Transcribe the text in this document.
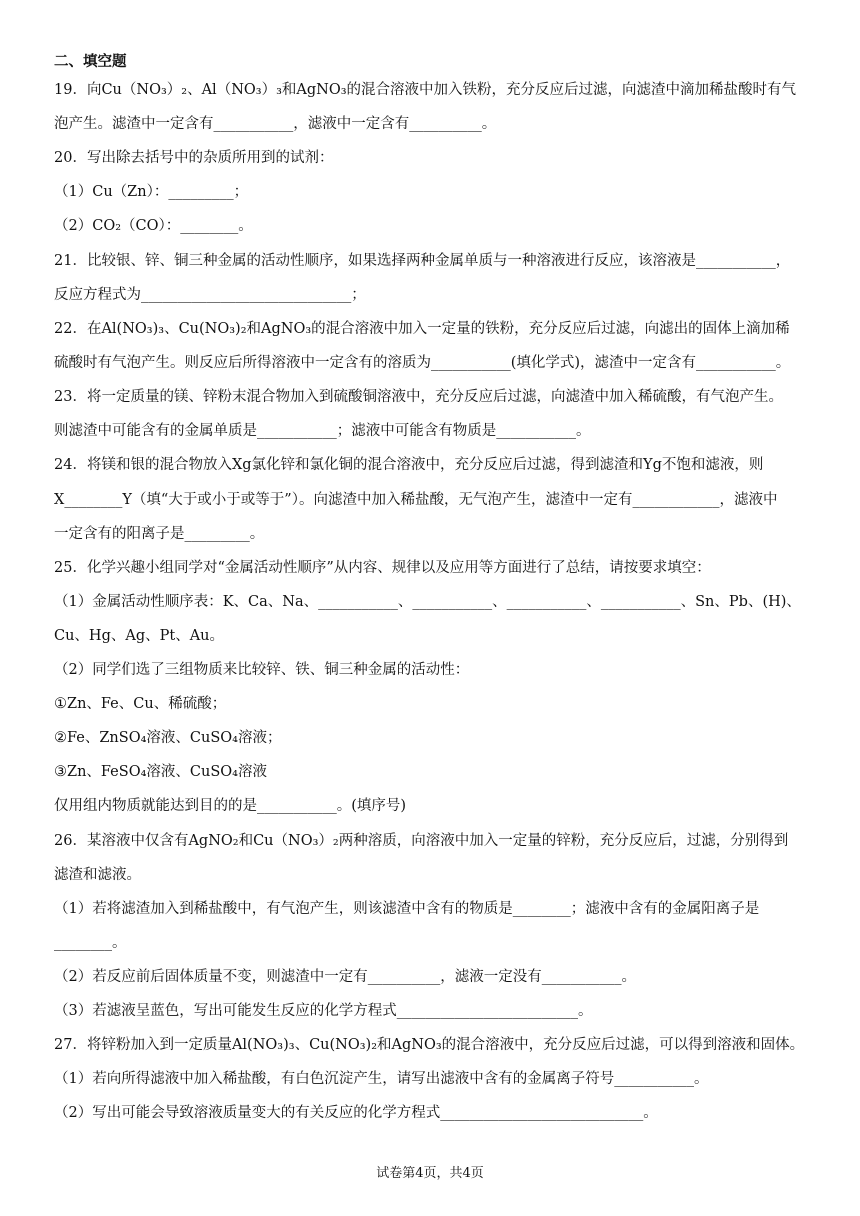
二、填空题
19．向Cu（NO₃）₂、Al（NO₃）₃和AgNO₃的混合溶液中加入铁粉，充分反应后过滤，向滤渣中滴加稀盐酸时有气
泡产生。滤渣中一定含有___________，滤液中一定含有__________。
20．写出除去括号中的杂质所用到的试剂：
（1）Cu（Zn）：_________；
（2）CO₂（CO）：________。
21．比较银、锌、铜三种金属的活动性顺序，如果选择两种金属单质与一种溶液进行反应，该溶液是___________，
反应方程式为_____________________________；
22．在Al(NO₃)₃、Cu(NO₃)₂和AgNO₃的混合溶液中加入一定量的铁粉，充分反应后过滤，向滤出的固体上滴加稀
硫酸时有气泡产生。则反应后所得溶液中一定含有的溶质为___________(填化学式)，滤渣中一定含有___________。
23．将一定质量的镁、锌粉末混合物加入到硫酸铜溶液中，充分反应后过滤，向滤渣中加入稀硫酸，有气泡产生。
则滤渣中可能含有的金属单质是___________；滤液中可能含有物质是___________。
24．将镁和银的混合物放入Xg氯化锌和氯化铜的混合溶液中，充分反应后过滤，得到滤渣和Yg不饱和滤液，则
X________Y（填“大于或小于或等于”）。向滤渣中加入稀盐酸，无气泡产生，滤渣中一定有____________，滤液中
一定含有的阳离子是_________。
25．化学兴趣小组同学对“金属活动性顺序”从内容、规律以及应用等方面进行了总结，请按要求填空：
（1）金属活动性顺序表：K、Ca、Na、___________、___________、___________、___________、Sn、Pb、(H)、
Cu、Hg、Ag、Pt、Au。
（2）同学们选了三组物质来比较锌、铁、铜三种金属的活动性：
①Zn、Fe、Cu、稀硫酸；
②Fe、ZnSO₄溶液、CuSO₄溶液；
③Zn、FeSO₄溶液、CuSO₄溶液
仅用组内物质就能达到目的的是___________。(填序号)
26．某溶液中仅含有AgNO₂和Cu（NO₃）₂两种溶质，向溶液中加入一定量的锌粉，充分反应后，过滤，分别得到
滤渣和滤液。
（1）若将滤渣加入到稀盐酸中，有气泡产生，则该滤渣中含有的物质是________；滤液中含有的金属阳离子是
________。
（2）若反应前后固体质量不变，则滤渣中一定有__________，滤液一定没有___________。
（3）若滤液呈蓝色，写出可能发生反应的化学方程式_________________________。
27．将锌粉加入到一定质量Al(NO₃)₃、Cu(NO₃)₂和AgNO₃的混合溶液中，充分反应后过滤，可以得到溶液和固体。
（1）若向所得滤液中加入稀盐酸，有白色沉淀产生，请写出滤液中含有的金属离子符号___________。
（2）写出可能会导致溶液质量变大的有关反应的化学方程式____________________________。
试卷第4页，共4页
